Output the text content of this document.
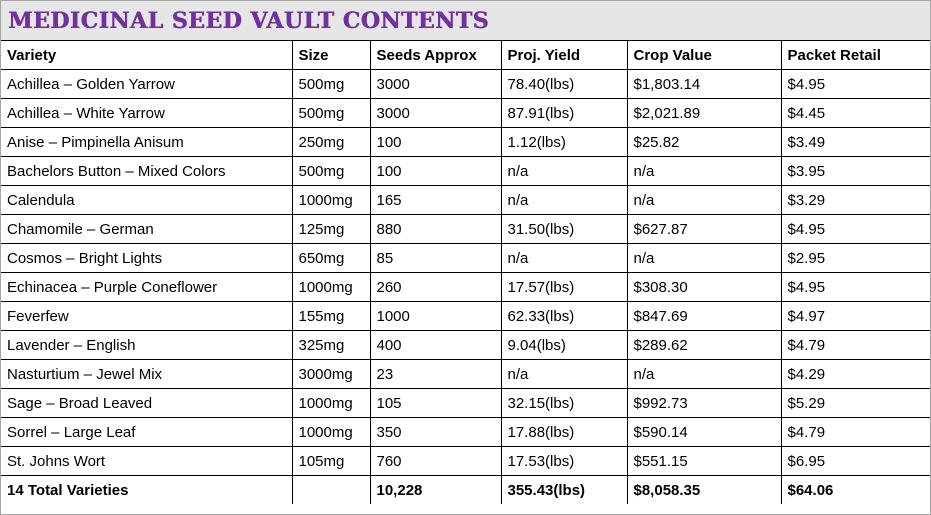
MEDICINAL SEED VAULT CONTENTS
Variety	Size	Seeds Approx	Proj. Yield	Crop Value	Packet Retail
Achillea – Golden Yarrow	500mg	3000	78.40(lbs)	$1,803.14	$4.95
Achillea – White Yarrow	500mg	3000	87.91(lbs)	$2,021.89	$4.45
Anise – Pimpinella Anisum	250mg	100	1.12(lbs)	$25.82	$3.49
Bachelors Button – Mixed Colors	500mg	100	n/a	n/a	$3.95
Calendula	1000mg	165	n/a	n/a	$3.29
Chamomile – German	125mg	880	31.50(lbs)	$627.87	$4.95
Cosmos – Bright Lights	650mg	85	n/a	n/a	$2.95
Echinacea – Purple Coneflower	1000mg	260	17.57(lbs)	$308.30	$4.95
Feverfew	155mg	1000	62.33(lbs)	$847.69	$4.97
Lavender – English	325mg	400	9.04(lbs)	$289.62	$4.79
Nasturtium – Jewel Mix	3000mg	23	n/a	n/a	$4.29
Sage – Broad Leaved	1000mg	105	32.15(lbs)	$992.73	$5.29
Sorrel – Large Leaf	1000mg	350	17.88(lbs)	$590.14	$4.79
St. Johns Wort	105mg	760	17.53(lbs)	$551.15	$6.95
14 Total Varieties		10,228	355.43(lbs)	$8,058.35	$64.06
